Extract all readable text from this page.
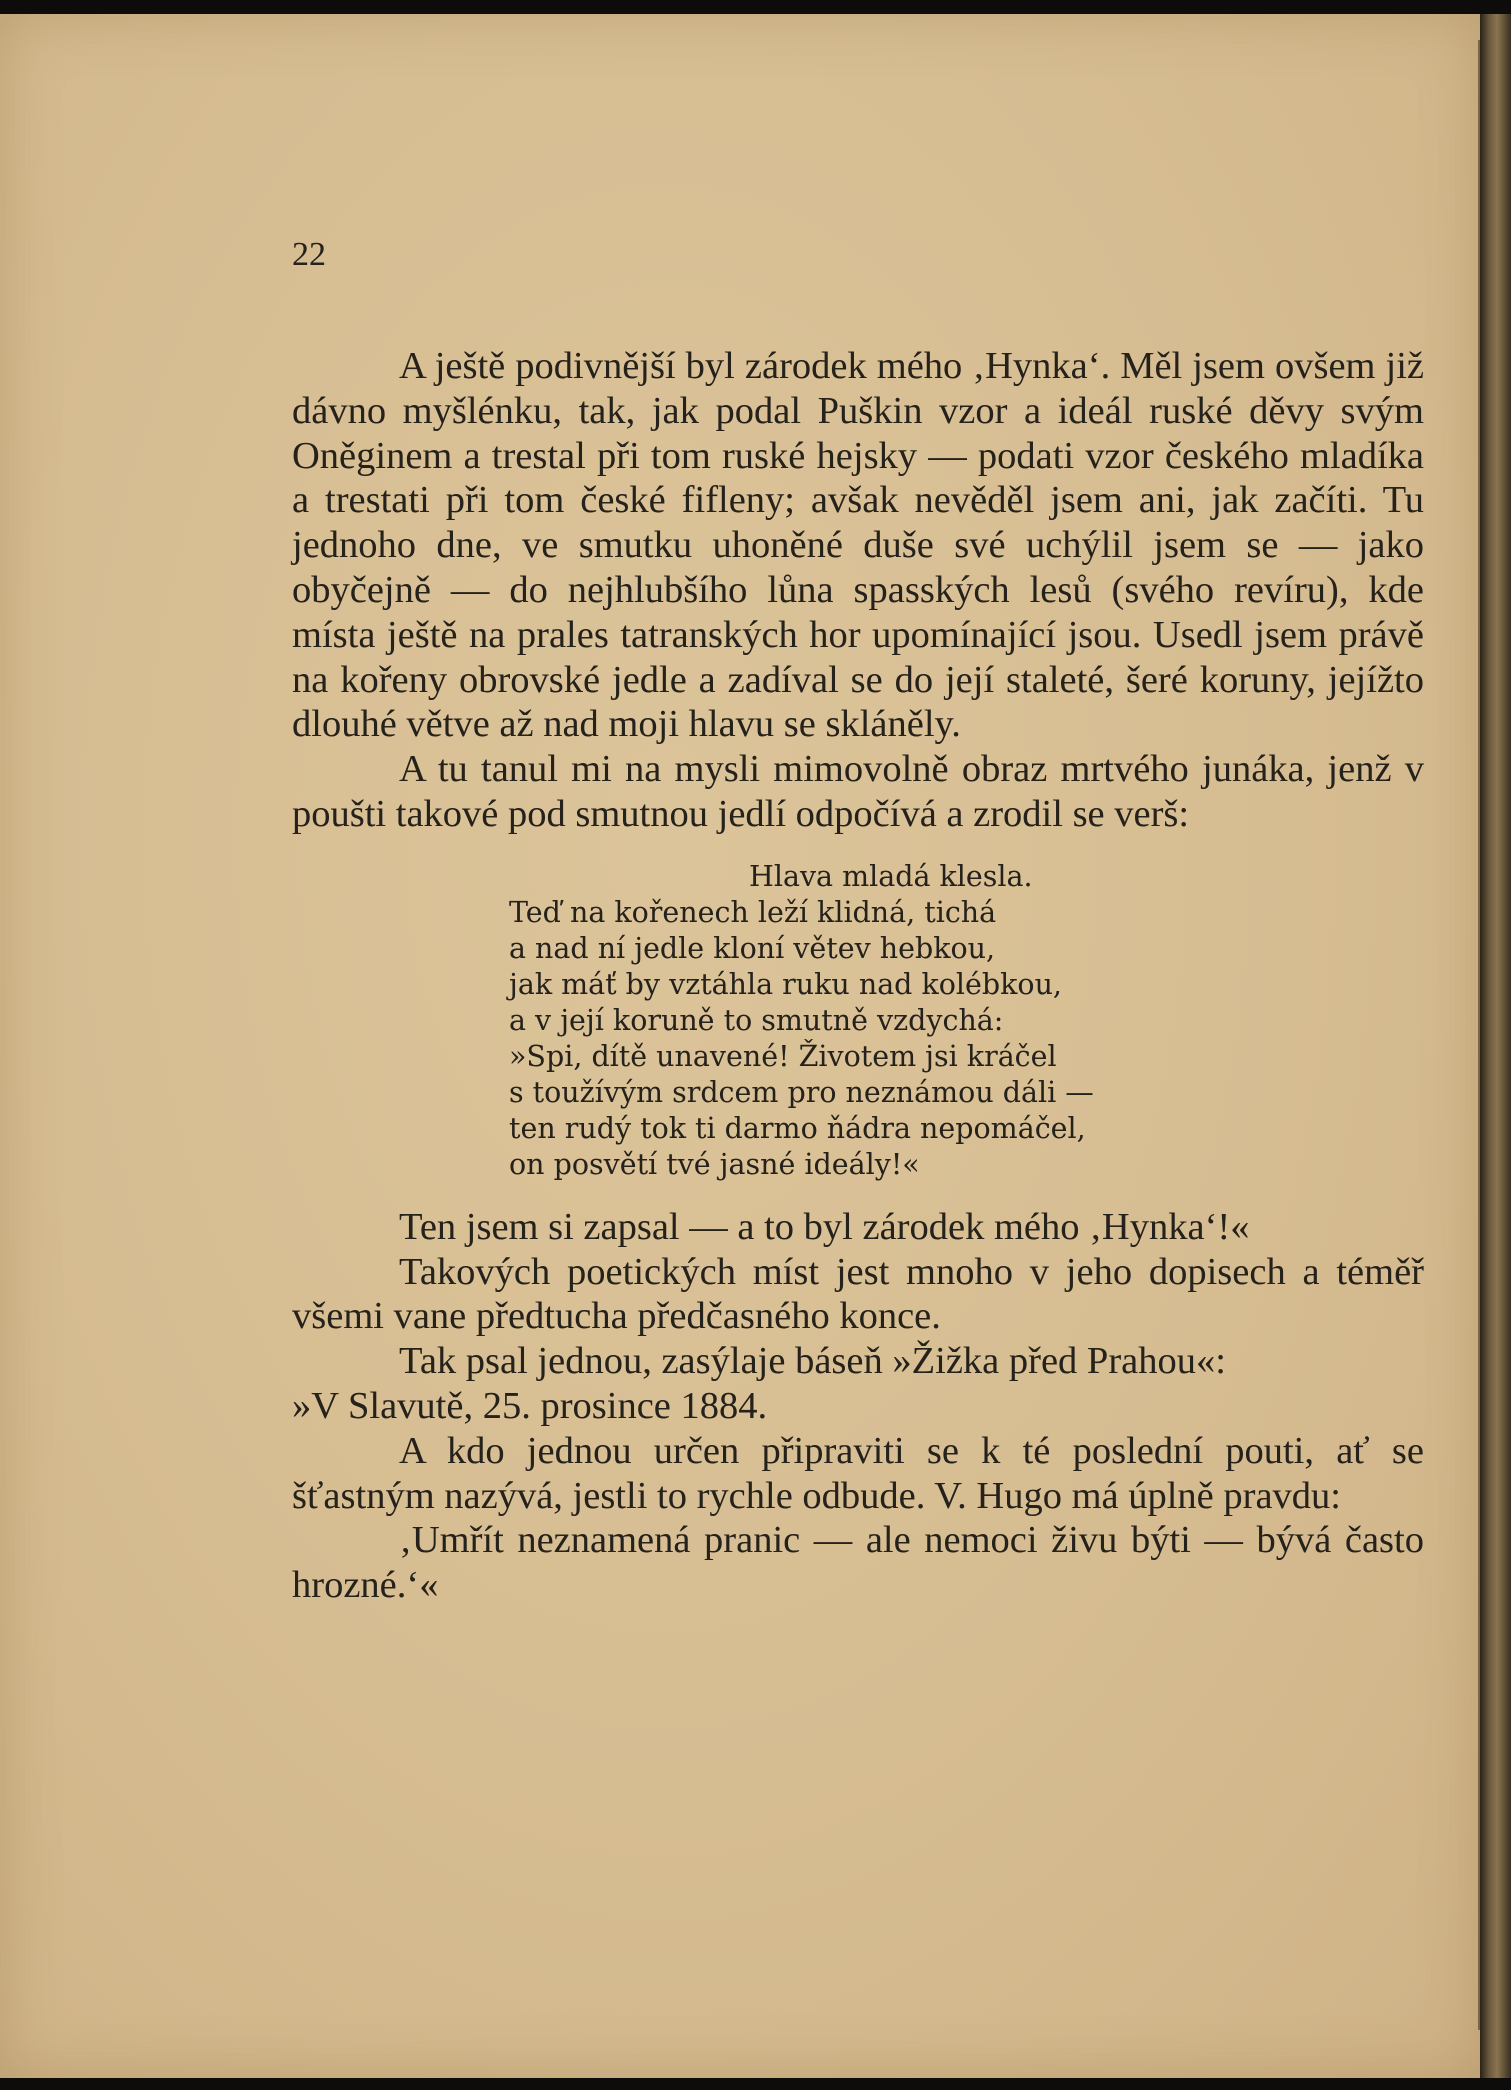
22

A ještě podivnější byl zárodek mého ‚Hynka‘. Měl jsem ovšem již dávno myšlénku, tak, jak podal Puškin vzor a ideál ruské děvy svým Oněginem a trestal při tom ruské hejsky — podati vzor českého mladíka a trestati při tom české fifleny; avšak nevěděl jsem ani, jak začíti. Tu jednoho dne, ve smutku uhoněné duše své uchýlil jsem se — jako obyčejně — do nejhlubšího lůna spasských lesů (svého revíru), kde místa ještě na prales tatranských hor upomínající jsou. Usedl jsem právě na kořeny obrovské jedle a zadíval se do její staleté, šeré koruny, jejížto dlouhé větve až nad moji hlavu se skláněly.

A tu tanul mi na mysli mimovolně obraz mrtvého junáka, jenž v poušti takové pod smutnou jedlí odpočívá a zrodil se verš:

Hlava mladá klesla.
Teď na kořenech leží klidná, tichá
a nad ní jedle kloní větev hebkou,
jak máť by vztáhla ruku nad kolébkou,
a v její koruně to smutně vzdychá:
»Spi, dítě unavené! Životem jsi kráčel
s toužívým srdcem pro neznámou dáli —
ten rudý tok ti darmo ňádra nepomáčel,
on posvětí tvé jasné ideály!«

Ten jsem si zapsal — a to byl zárodek mého ‚Hynka‘!«

Takových poetických míst jest mnoho v jeho dopisech a téměř všemi vane předtucha předčasného konce.

Tak psal jednou, zasýlaje báseň »Žižka před Prahou«:

»V Slavutě, 25. prosince 1884.

A kdo jednou určen připraviti se k té poslední pouti, ať se šťastným nazývá, jestli to rychle odbude. V. Hugo má úplně pravdu:

‚Umřít neznamená pranic — ale nemoci živu býti — bývá často hrozné.‘«
